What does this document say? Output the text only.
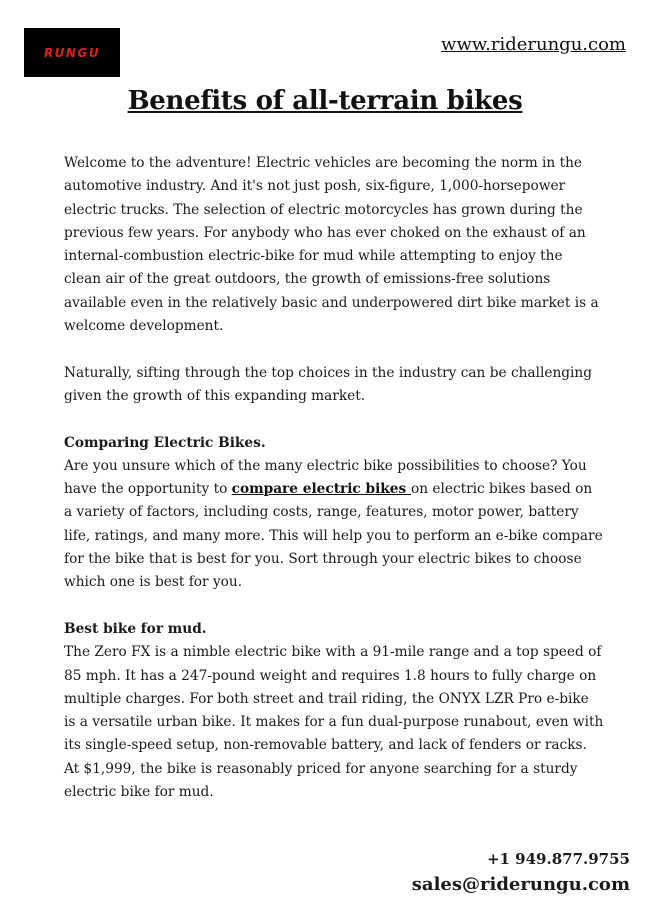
RUNGU	www.riderungu.com
Benefits of all-terrain bikes

Welcome to the adventure! Electric vehicles are becoming the norm in the automotive industry. And it's not just posh, six-figure, 1,000-horsepower electric trucks. The selection of electric motorcycles has grown during the previous few years. For anybody who has ever choked on the exhaust of an internal-combustion electric-bike for mud while attempting to enjoy the clean air of the great outdoors, the growth of emissions-free solutions available even in the relatively basic and underpowered dirt bike market is a welcome development.

Naturally, sifting through the top choices in the industry can be challenging given the growth of this expanding market.

Comparing Electric Bikes.
Are you unsure which of the many electric bike possibilities to choose? You have the opportunity to compare electric bikes on electric bikes based on a variety of factors, including costs, range, features, motor power, battery life, ratings, and many more. This will help you to perform an e-bike compare for the bike that is best for you. Sort through your electric bikes to choose which one is best for you.

Best bike for mud.
The Zero FX is a nimble electric bike with a 91-mile range and a top speed of 85 mph. It has a 247-pound weight and requires 1.8 hours to fully charge on multiple charges. For both street and trail riding, the ONYX LZR Pro e-bike is a versatile urban bike. It makes for a fun dual-purpose runabout, even with its single-speed setup, non-removable battery, and lack of fenders or racks. At $1,999, the bike is reasonably priced for anyone searching for a sturdy electric bike for mud.

+1 949.877.9755
sales@riderungu.com
